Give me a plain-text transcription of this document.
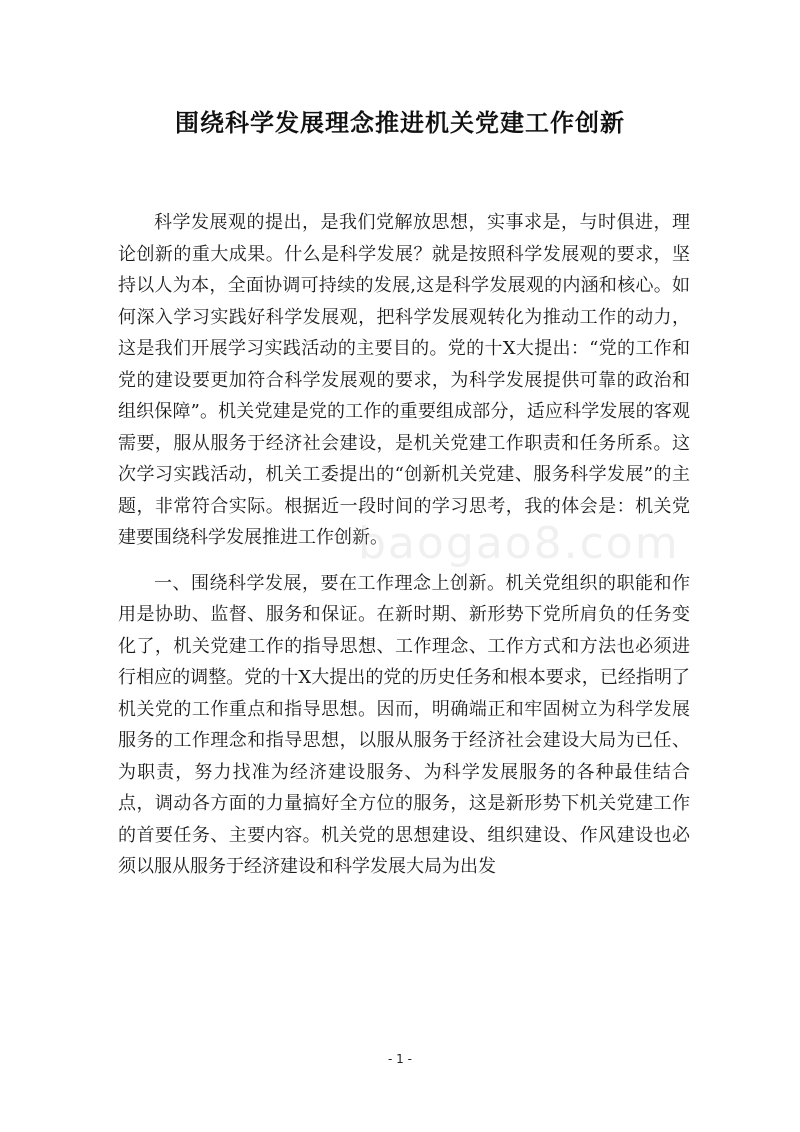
围绕科学发展理念推进机关党建工作创新

科学发展观的提出，是我们党解放思想，实事求是，与时俱进，理论创新的重大成果。什么是科学发展？就是按照科学发展观的要求，坚持以人为本，全面协调可持续的发展,这是科学发展观的内涵和核心。如何深入学习实践好科学发展观，把科学发展观转化为推动工作的动力，这是我们开展学习实践活动的主要目的。党的十X大提出：“党的工作和党的建设要更加符合科学发展观的要求，为科学发展提供可靠的政治和组织保障”。机关党建是党的工作的重要组成部分，适应科学发展的客观需要，服从服务于经济社会建设，是机关党建工作职责和任务所系。这次学习实践活动，机关工委提出的“创新机关党建、服务科学发展”的主题，非常符合实际。根据近一段时间的学习思考，我的体会是：机关党建要围绕科学发展推进工作创新。

一、围绕科学发展，要在工作理念上创新。机关党组织的职能和作用是协助、监督、服务和保证。在新时期、新形势下党所肩负的任务变化了，机关党建工作的指导思想、工作理念、工作方式和方法也必须进行相应的调整。党的十X大提出的党的历史任务和根本要求，已经指明了机关党的工作重点和指导思想。因而，明确端正和牢固树立为科学发展服务的工作理念和指导思想，以服从服务于经济社会建设大局为已任、为职责，努力找准为经济建设服务、为科学发展服务的各种最佳结合点，调动各方面的力量搞好全方位的服务，这是新形势下机关党建工作的首要任务、主要内容。机关党的思想建设、组织建设、作风建设也必须以服从服务于经济建设和科学发展大局为出发

baogao8.com
- 1 -
